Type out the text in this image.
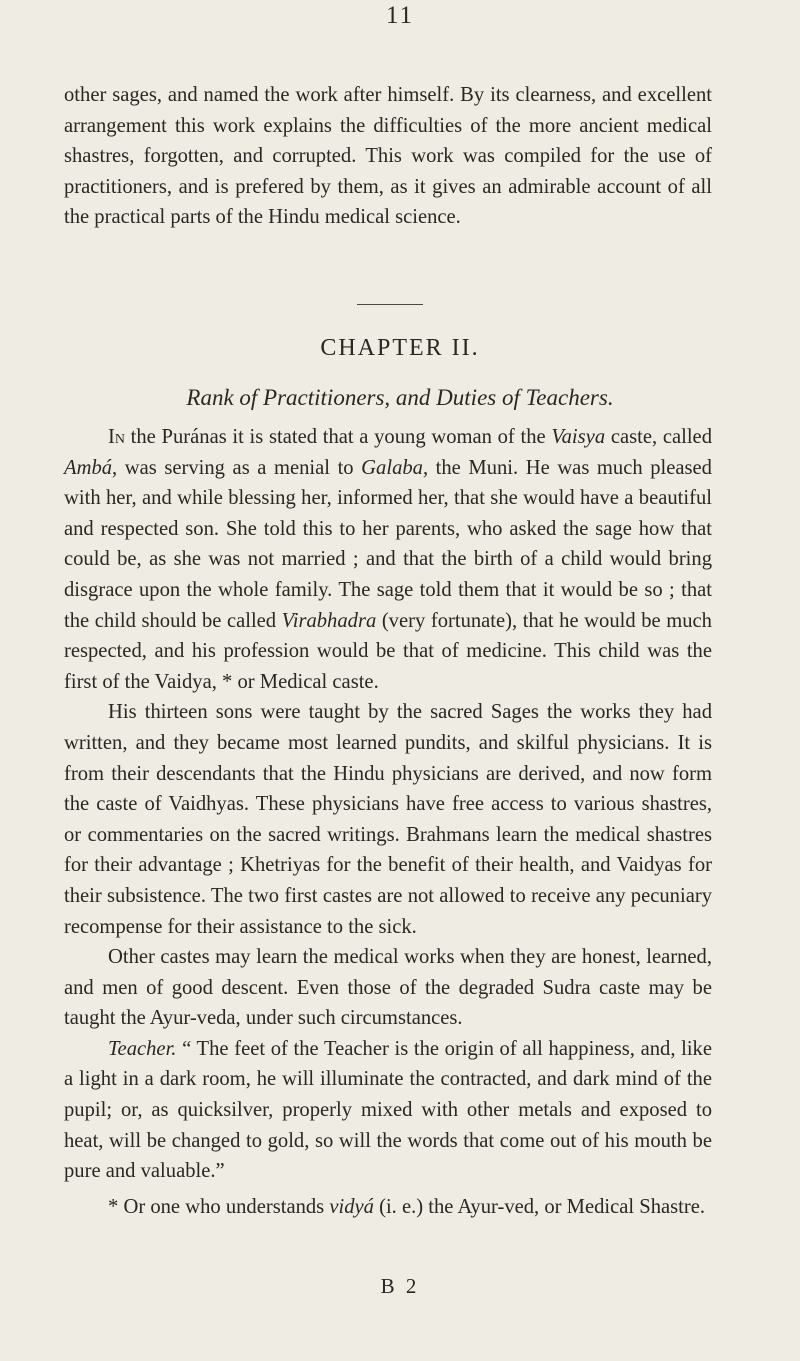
11

other sages, and named the work after himself. By its clearness, and excellent arrangement this work explains the difficulties of the more ancient medical shastres, forgotten, and corrupted. This work was compiled for the use of practitioners, and is prefered by them, as it gives an admirable account of all the practical parts of the Hindu medical science.

CHAPTER II.
Rank of Practitioners, and Duties of Teachers.

In the Puránas it is stated that a young woman of the Vaisya caste, called Ambá, was serving as a menial to Galaba, the Muni. He was much pleased with her, and while blessing her, informed her, that she would have a beautiful and respected son. She told this to her parents, who asked the sage how that could be, as she was not married ; and that the birth of a child would bring disgrace upon the whole family. The sage told them that it would be so ; that the child should be called Virabhadra (very fortunate), that he would be much respected, and his profession would be that of medicine. This child was the first of the Vaidya, * or Medical caste.

His thirteen sons were taught by the sacred Sages the works they had written, and they became most learned pundits, and skilful physicians. It is from their descendants that the Hindu physicians are derived, and now form the caste of Vaidhyas. These physicians have free access to various shastres, or commentaries on the sacred writings. Brahmans learn the medical shastres for their advantage ; Khetriyas for the benefit of their health, and Vaidyas for their subsistence. The two first castes are not allowed to receive any pecuniary recompense for their assistance to the sick.

Other castes may learn the medical works when they are honest, learned, and men of good descent. Even those of the degraded Sudra caste may be taught the Ayur-veda, under such circumstances.

Teacher. “ The feet of the Teacher is the origin of all happiness, and, like a light in a dark room, he will illuminate the contracted, and dark mind of the pupil; or, as quicksilver, properly mixed with other metals and exposed to heat, will be changed to gold, so will the words that come out of his mouth be pure and valuable.”

* Or one who understands vidyá (i. e.) the Ayur-ved, or Medical Shastre.
B 2
